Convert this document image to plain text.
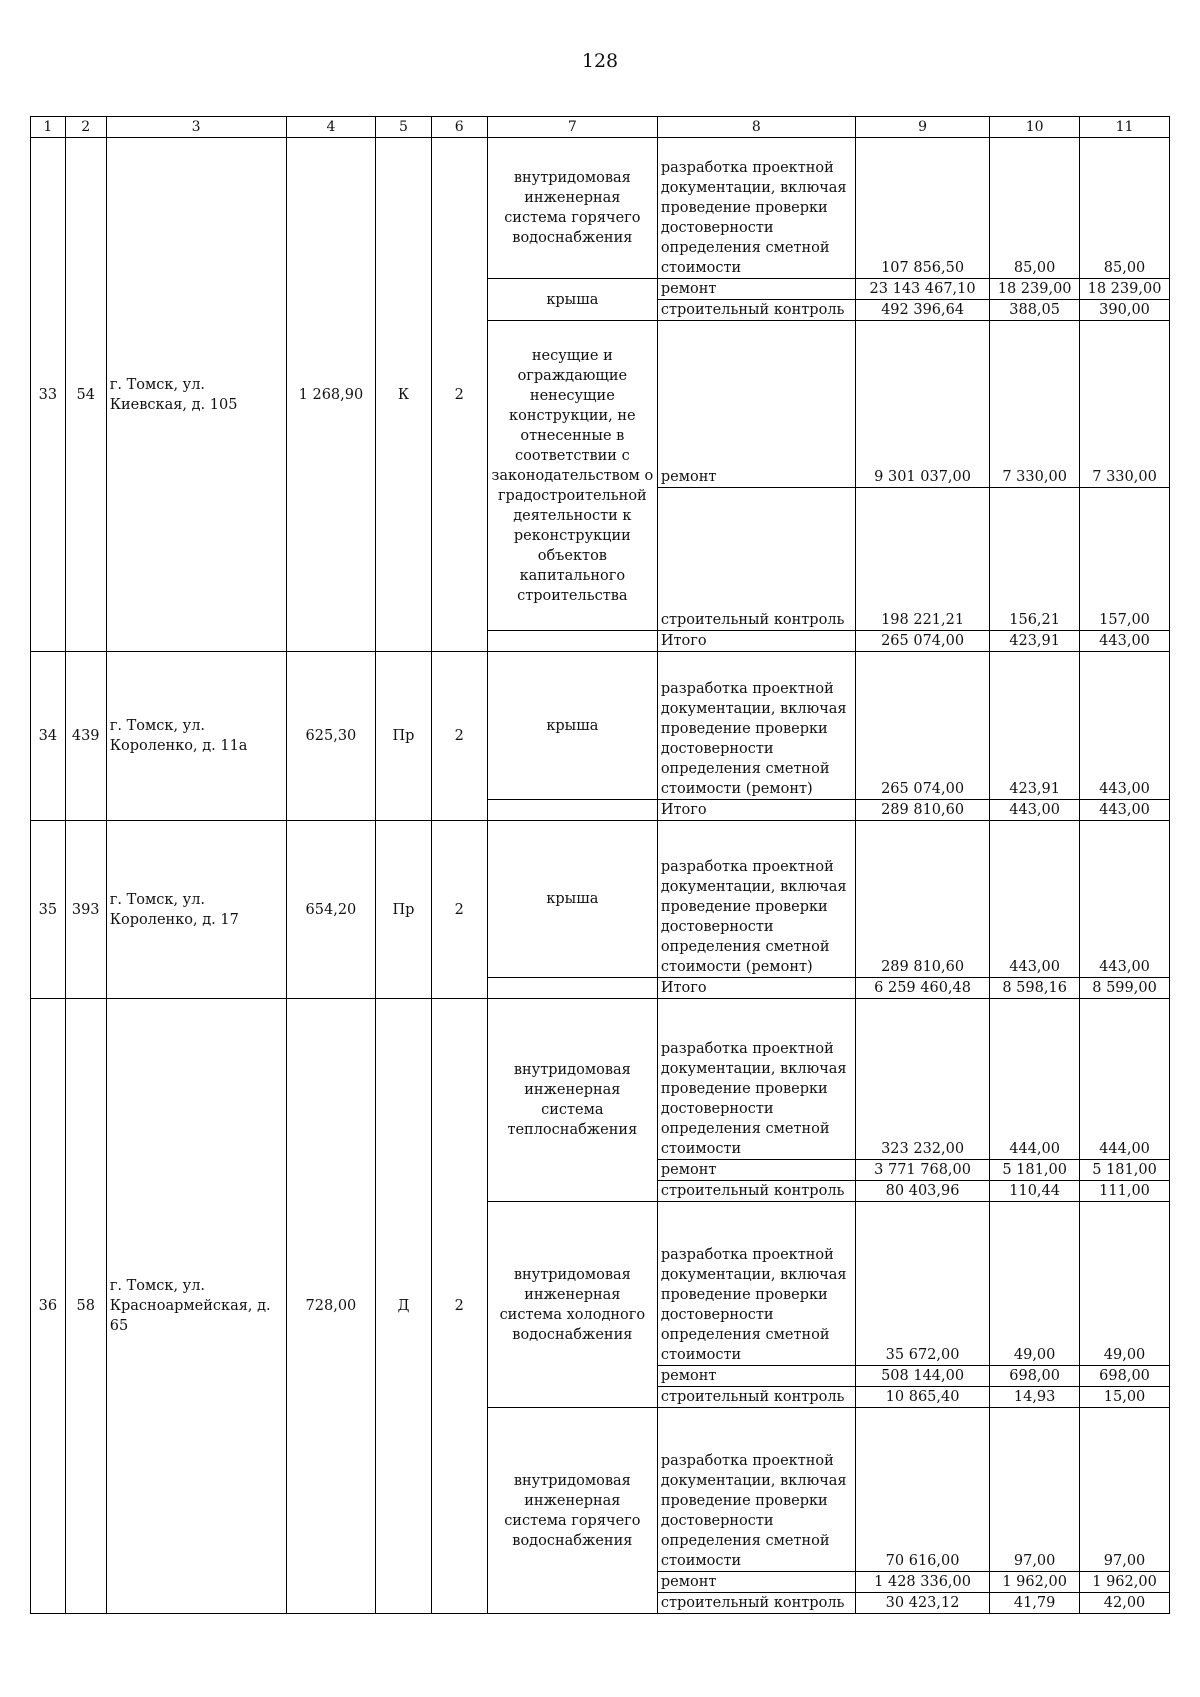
128
1	2	3	4	5	6	7	8	9	10	11
33	54	г. Томск, ул. Киевская, д. 105	1 268,90	К	2	внутридомовая инженерная система горячего водоснабжения	разработка проектной документации, включая проведение проверки достоверности определения сметной стоимости	107 856,50	85,00	85,00
						крыша	ремонт	23 143 467,10	18 239,00	18 239,00
							строительный контроль	492 396,64	388,05	390,00
						несущие и ограждающие ненесущие конструкции, не отнесенные в соответствии с законодательством о градостроительной деятельности к реконструкции объектов капитального строительства	ремонт	9 301 037,00	7 330,00	7 330,00
							строительный контроль	198 221,21	156,21	157,00
							Итого	265 074,00	423,91	443,00
34	439	г. Томск, ул. Короленко, д. 11а	625,30	Пр	2	крыша	разработка проектной документации, включая проведение проверки достоверности определения сметной стоимости (ремонт)	265 074,00	423,91	443,00
							Итого	289 810,60	443,00	443,00
35	393	г. Томск, ул. Короленко, д. 17	654,20	Пр	2	крыша	разработка проектной документации, включая проведение проверки достоверности определения сметной стоимости (ремонт)	289 810,60	443,00	443,00
							Итого	6 259 460,48	8 598,16	8 599,00
36	58	г. Томск, ул. Красноармейская, д. 65	728,00	Д	2	внутридомовая инженерная система теплоснабжения	разработка проектной документации, включая проведение проверки достоверности определения сметной стоимости	323 232,00	444,00	444,00
							ремонт	3 771 768,00	5 181,00	5 181,00
							строительный контроль	80 403,96	110,44	111,00
						внутридомовая инженерная система холодного водоснабжения	разработка проектной документации, включая проведение проверки достоверности определения сметной стоимости	35 672,00	49,00	49,00
							ремонт	508 144,00	698,00	698,00
							строительный контроль	10 865,40	14,93	15,00
						внутридомовая инженерная система горячего водоснабжения	разработка проектной документации, включая проведение проверки достоверности определения сметной стоимости	70 616,00	97,00	97,00
							ремонт	1 428 336,00	1 962,00	1 962,00
							строительный контроль	30 423,12	41,79	42,00
